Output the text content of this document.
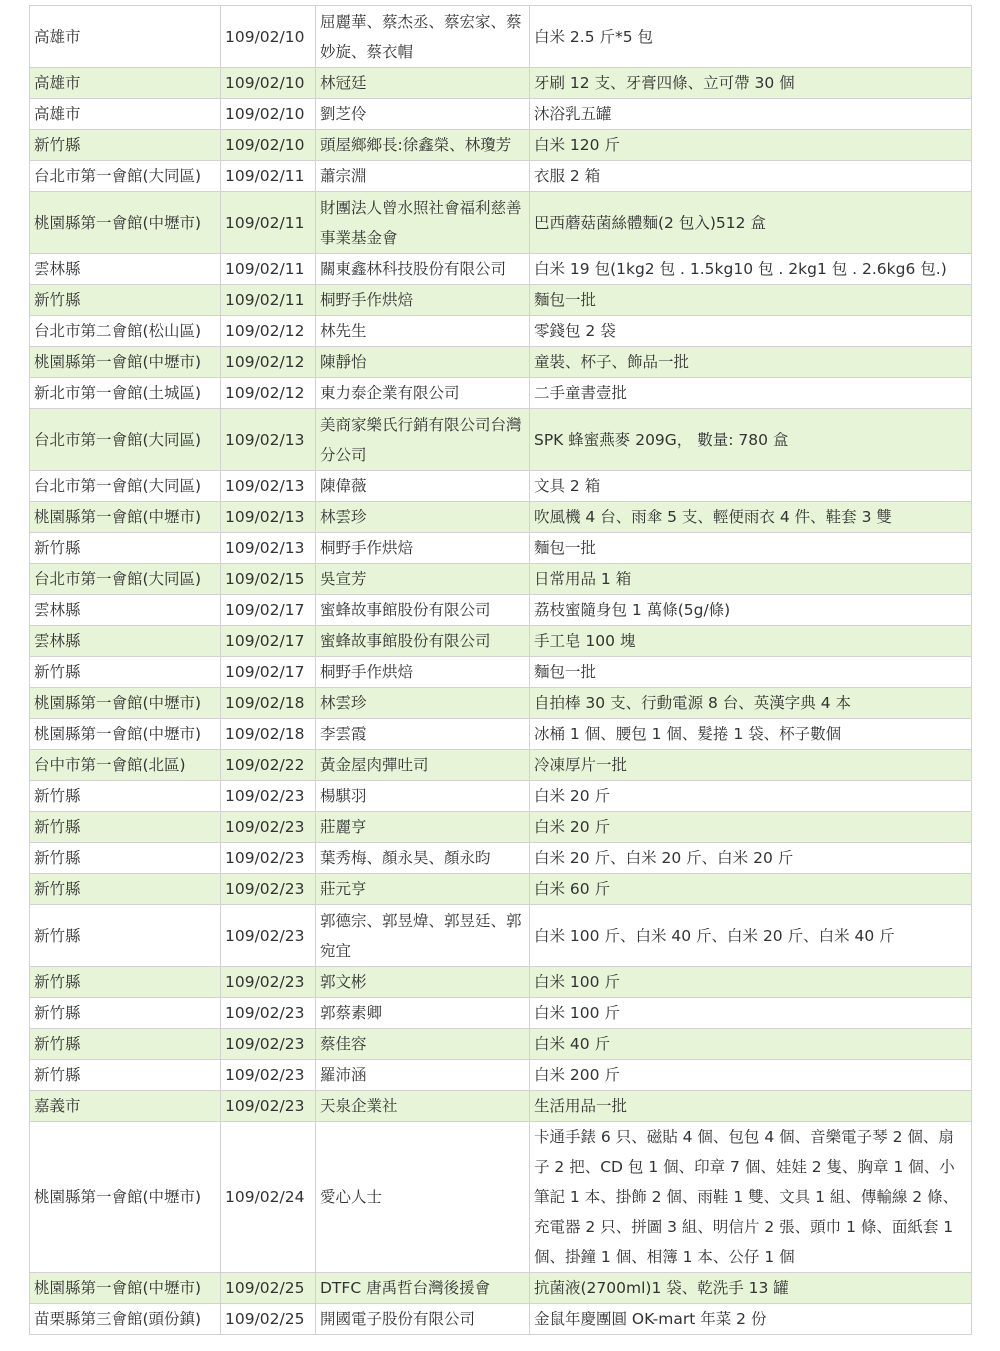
高雄市	109/02/10	屈麗華、蔡杰丞、蔡宏家、蔡妙旋、蔡衣帽	白米 2.5 斤*5 包
高雄市	109/02/10	林冠廷	牙刷 12 支、牙膏四條、立可帶 30 個
高雄市	109/02/10	劉芝伶	沐浴乳五罐
新竹縣	109/02/10	頭屋鄉鄉長:徐鑫榮、林瓊芳	白米 120 斤
台北市第一會館(大同區)	109/02/11	蕭宗淵	衣服 2 箱
桃園縣第一會館(中壢市)	109/02/11	財團法人曾水照社會福利慈善事業基金會	巴西蘑菇菌絲體麵(2 包入)512 盒
雲林縣	109/02/11	關東鑫林科技股份有限公司	白米 19 包(1kg2 包 . 1.5kg10 包 . 2kg1 包 . 2.6kg6 包.)
新竹縣	109/02/11	桐野手作烘焙	麵包一批
台北市第二會館(松山區)	109/02/12	林先生	零錢包 2 袋
桃園縣第一會館(中壢市)	109/02/12	陳靜怡	童裝、杯子、飾品一批
新北市第一會館(土城區)	109/02/12	東力泰企業有限公司	二手童書壹批
台北市第一會館(大同區)	109/02/13	美商家樂氏行銷有限公司台灣分公司	SPK 蜂蜜燕麥 209G， 數量: 780 盒
台北市第一會館(大同區)	109/02/13	陳偉薇	文具 2 箱
桃園縣第一會館(中壢市)	109/02/13	林雲珍	吹風機 4 台、雨傘 5 支、輕便雨衣 4 件、鞋套 3 雙
新竹縣	109/02/13	桐野手作烘焙	麵包一批
台北市第一會館(大同區)	109/02/15	吳宣芳	日常用品 1 箱
雲林縣	109/02/17	蜜蜂故事館股份有限公司	荔枝蜜隨身包 1 萬條(5g/條)
雲林縣	109/02/17	蜜蜂故事館股份有限公司	手工皂 100 塊
新竹縣	109/02/17	桐野手作烘焙	麵包一批
桃園縣第一會館(中壢市)	109/02/18	林雲珍	自拍棒 30 支、行動電源 8 台、英漢字典 4 本
桃園縣第一會館(中壢市)	109/02/18	李雲霞	冰桶 1 個、腰包 1 個、髮捲 1 袋、杯子數個
台中市第一會館(北區)	109/02/22	黃金屋肉彈吐司	冷凍厚片一批
新竹縣	109/02/23	楊騏羽	白米 20 斤
新竹縣	109/02/23	莊麗亨	白米 20 斤
新竹縣	109/02/23	葉秀梅、顏永昊、顏永昀	白米 20 斤、白米 20 斤、白米 20 斤
新竹縣	109/02/23	莊元亨	白米 60 斤
新竹縣	109/02/23	郭德宗、郭昱煒、郭昱廷、郭宛宜	白米 100 斤、白米 40 斤、白米 20 斤、白米 40 斤
新竹縣	109/02/23	郭文彬	白米 100 斤
新竹縣	109/02/23	郭蔡素卿	白米 100 斤
新竹縣	109/02/23	蔡佳容	白米 40 斤
新竹縣	109/02/23	羅沛涵	白米 200 斤
嘉義市	109/02/23	天泉企業社	生活用品一批
桃園縣第一會館(中壢市)	109/02/24	愛心人士	卡通手錶 6 只、磁貼 4 個、包包 4 個、音樂電子琴 2 個、扇子 2 把、CD 包 1 個、印章 7 個、娃娃 2 隻、胸章 1 個、小筆記 1 本、掛飾 2 個、雨鞋 1 雙、文具 1 組、傳輸線 2 條、充電器 2 只、拼圖 3 組、明信片 2 張、頭巾 1 條、面紙套 1 個、掛鐘 1 個、相簿 1 本、公仔 1 個
桃園縣第一會館(中壢市)	109/02/25	DTFC 唐禹哲台灣後援會	抗菌液(2700ml)1 袋、乾洗手 13 罐
苗栗縣第三會館(頭份鎮)	109/02/25	開國電子股份有限公司	金鼠年慶團圓 OK-mart 年菜 2 份
